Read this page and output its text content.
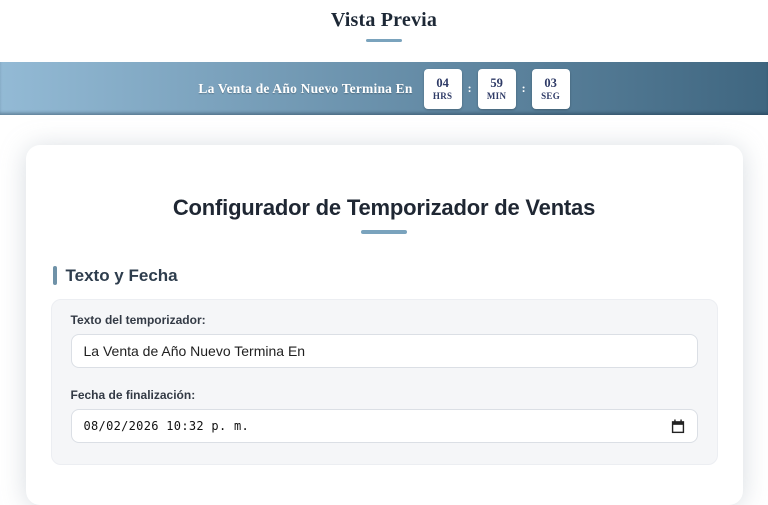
Vista Previa
La Venta de Año Nuevo Termina En 04
HRS
: 59
MIN
: 03
SEG
Configurador de Temporizador de Ventas
Texto y Fecha
Texto del temporizador:
La Venta de Año Nuevo Termina En
Fecha de finalización:
08/02/2026 10:32 p. m.
